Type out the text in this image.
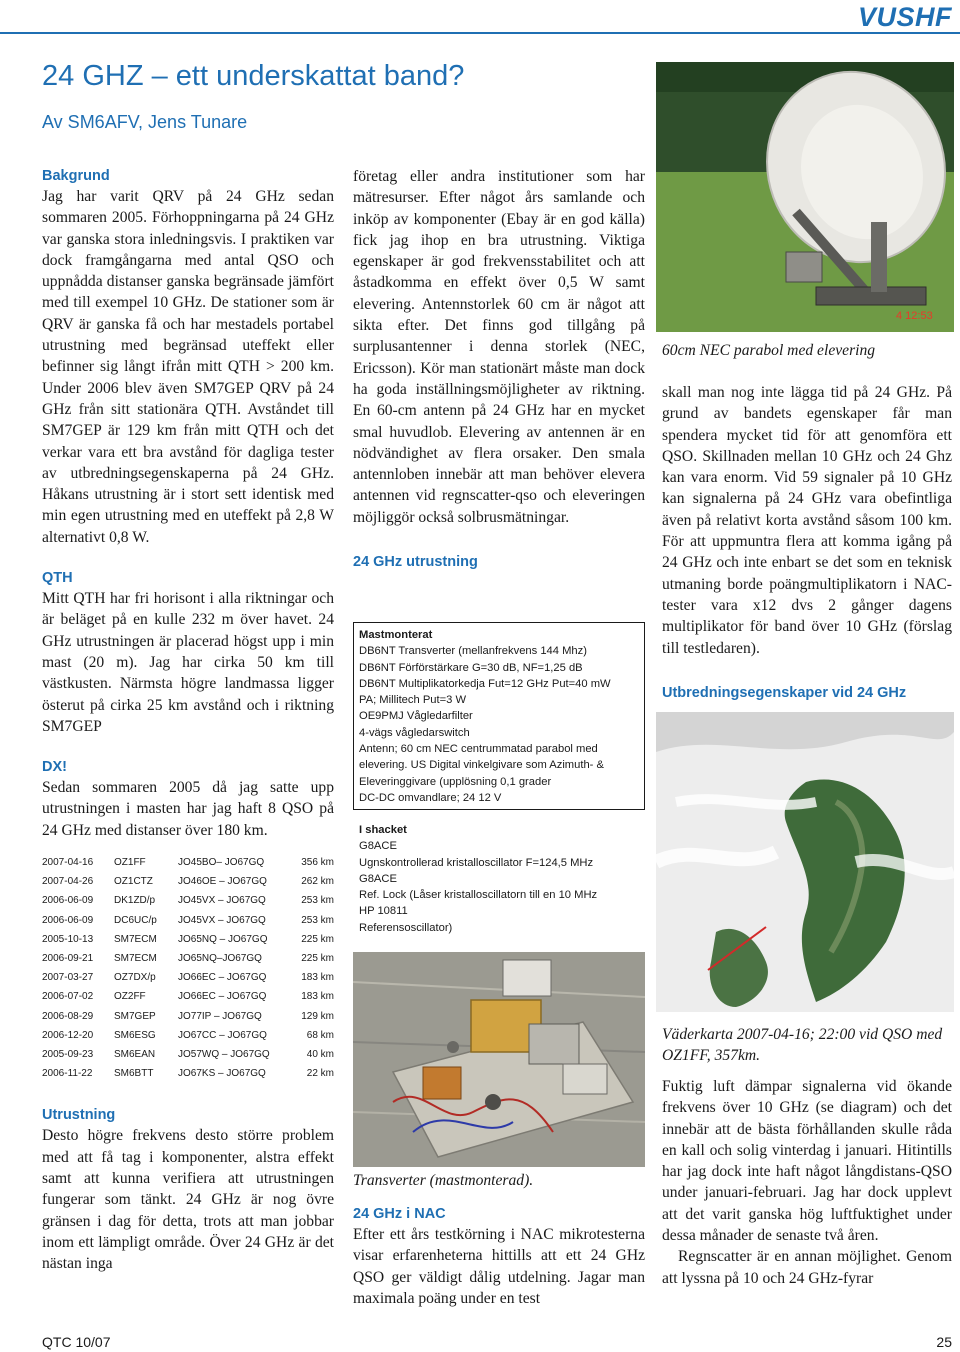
VUSHF
24 GHZ – ett underskattat band?
Av SM6AFV, Jens Tunare
Bakgrund

Jag har varit QRV på 24 GHz sedan sommaren 2005. Förhoppningarna på 24 GHz var ganska stora inledningsvis. I praktiken var dock framgångarna med antal QSO och uppnådda distanser ganska begränsade jämfört med till exempel 10 GHz. De stationer som är QRV är ganska få och har mestadels portabel utrustning med begränsad uteffekt eller befinner sig långt ifrån mitt QTH > 200 km. Under 2006 blev även SM7GEP QRV på 24 GHz från sitt stationära QTH. Avståndet till SM7GEP är 129 km från mitt QTH och det verkar vara ett bra avstånd för dagliga tester av utbredningsegenskaperna på 24 GHz. Håkans utrustning är i stort sett identisk med min egen utrustning med en uteffekt på 2,8 W alternativt 0,8 W.

QTH

Mitt QTH har fri horisont i alla riktningar och är beläget på en kulle 232 m över havet. 24 GHz utrustningen är placerad högst upp i min mast (20 m). Jag har cirka 50 km till västkusten. Närmsta högre landmassa ligger österut på cirka 25 km avstånd och i riktning SM7GEP

DX!

Sedan sommaren 2005 då jag satte upp utrustningen i masten har jag haft 8 QSO på 24 GHz med distanser över 180 km.

2007-04-16	OZ1FF	JO45BO– JO67GQ	356 km
2007-04-26	OZ1CTZ	JO46OE – JO67GQ	262 km
2006-06-09	DK1ZD/p	JO45VX – JO67GQ	253 km
2006-06-09	DC6UC/p	JO45VX – JO67GQ	253 km
2005-10-13	SM7ECM	JO65NQ – JO67GQ	225 km
2006-09-21	SM7ECM	JO65NQ–JO67GQ	225 km
2007-03-27	OZ7DX/p	JO66EC – JO67GQ	183 km
2006-07-02	OZ2FF	JO66EC – JO67GQ	183 km
2006-08-29	SM7GEP	JO77IP – JO67GQ	129 km
2006-12-20	SM6ESG	JO67CC – JO67GQ	68 km
2005-09-23	SM6EAN	JO57WQ – JO67GQ	40 km
2006-11-22	SM6BTT	JO67KS – JO67GQ	22 km
Utrustning

Desto högre frekvens desto större problem med att få tag i komponenter, alstra effekt samt att kunna verifiera att utrustningen fungerar som tänkt. 24 GHz är nog övre gränsen i dag för detta, trots att man jobbar inom ett lämpligt område. Över 24 GHz är det nästan inga

företag eller andra institutioner som har mätresurser. Efter något års samlande och inköp av komponenter (Ebay är en god källa) fick jag ihop en bra utrustning. Viktiga egenskaper är god frekvensstabilitet och att åstadkomma en effekt över 0,5 W samt elevering. Antennstorlek 60 cm är något att sikta efter. Det finns god tillgång på surplusantenner i denna storlek (NEC, Ericsson). Kör man stationärt måste man dock ha goda inställningsmöjligheter av riktning. En 60-cm antenn på 24 GHz har en mycket smal huvudlob. Elevering av antennen är en nödvändighet av flera orsaker. Den smala antennloben innebär att man behöver elevera antennen vid regnscatter-qso och eleveringen möjliggör också solbrusmätningar.

24 GHz utrustning
Mastmonterat
DB6NT Transverter (mellanfrekvens 144 Mhz)
DB6NT Förförstärkare G=30 dB, NF=1,25 dB
DB6NT Multiplikatorkedja Fut=12 GHz Put=40 mW
PA; Millitech Put=3 W
OE9PMJ Vågledarfilter
4-vägs vågledarswitch
Antenn; 60 cm NEC centrummatad parabol med
elevering. US Digital vinkelgivare som Azimuth- &
Eleveringgivare (upplösning 0,1 grader
DC-DC omvandlare; 24 12 V
I shacket
G8ACE
Ugnskontrollerad kristalloscillator F=124,5 MHz
G8ACE
Ref. Lock (Låser kristalloscillatorn till en 10 MHz
HP 10811
Referensoscillator)
Transverter (mastmonterad).
24 GHz i NAC

Efter ett års testkörning i NAC mikrotesterna visar erfarenheterna hittills att ett 24 GHz QSO ger väldigt dålig utdelning. Jagar man maximala poäng under en test

4 12:53
60cm NEC parabol med elevering

skall man nog inte lägga tid på 24 GHz. På grund av bandets egenskaper får man spendera mycket tid för att genomföra ett QSO. Skillnaden mellan 10 GHz och 24 Ghz kan vara enorm. Vid 59 signaler på 10 GHz kan signalerna på 24 GHz vara obefintliga även på relativt korta avstånd såsom 100 km. För att uppmuntra flera att komma igång på 24 GHz och inte enbart se det som en teknisk utmaning borde poängmultiplikatorn i NAC-tester vara x12 dvs 2 gånger dagens multiplikator för band över 10 GHz (förslag till testledaren).

Utbredningsegenskaper vid 24 GHz
Väderkarta 2007-04-16; 22:00 vid QSO med OZ1FF, 357km.

Fuktig luft dämpar signalerna vid ökande frekvens över 10 GHz (se diagram) och det innebär att de bästa förhållanden skulle råda en kall och solig vinterdag i januari. Hitintills har jag dock inte haft något långdistans-QSO under januari-februari. Jag har dock upplevt att det varit ganska hög luftfuktighet under dessa månader de senaste två åren.

Regnscatter är en annan möjlighet. Genom att lyssna på 10 och 24 GHz-fyrar

QTC 10/07	25
